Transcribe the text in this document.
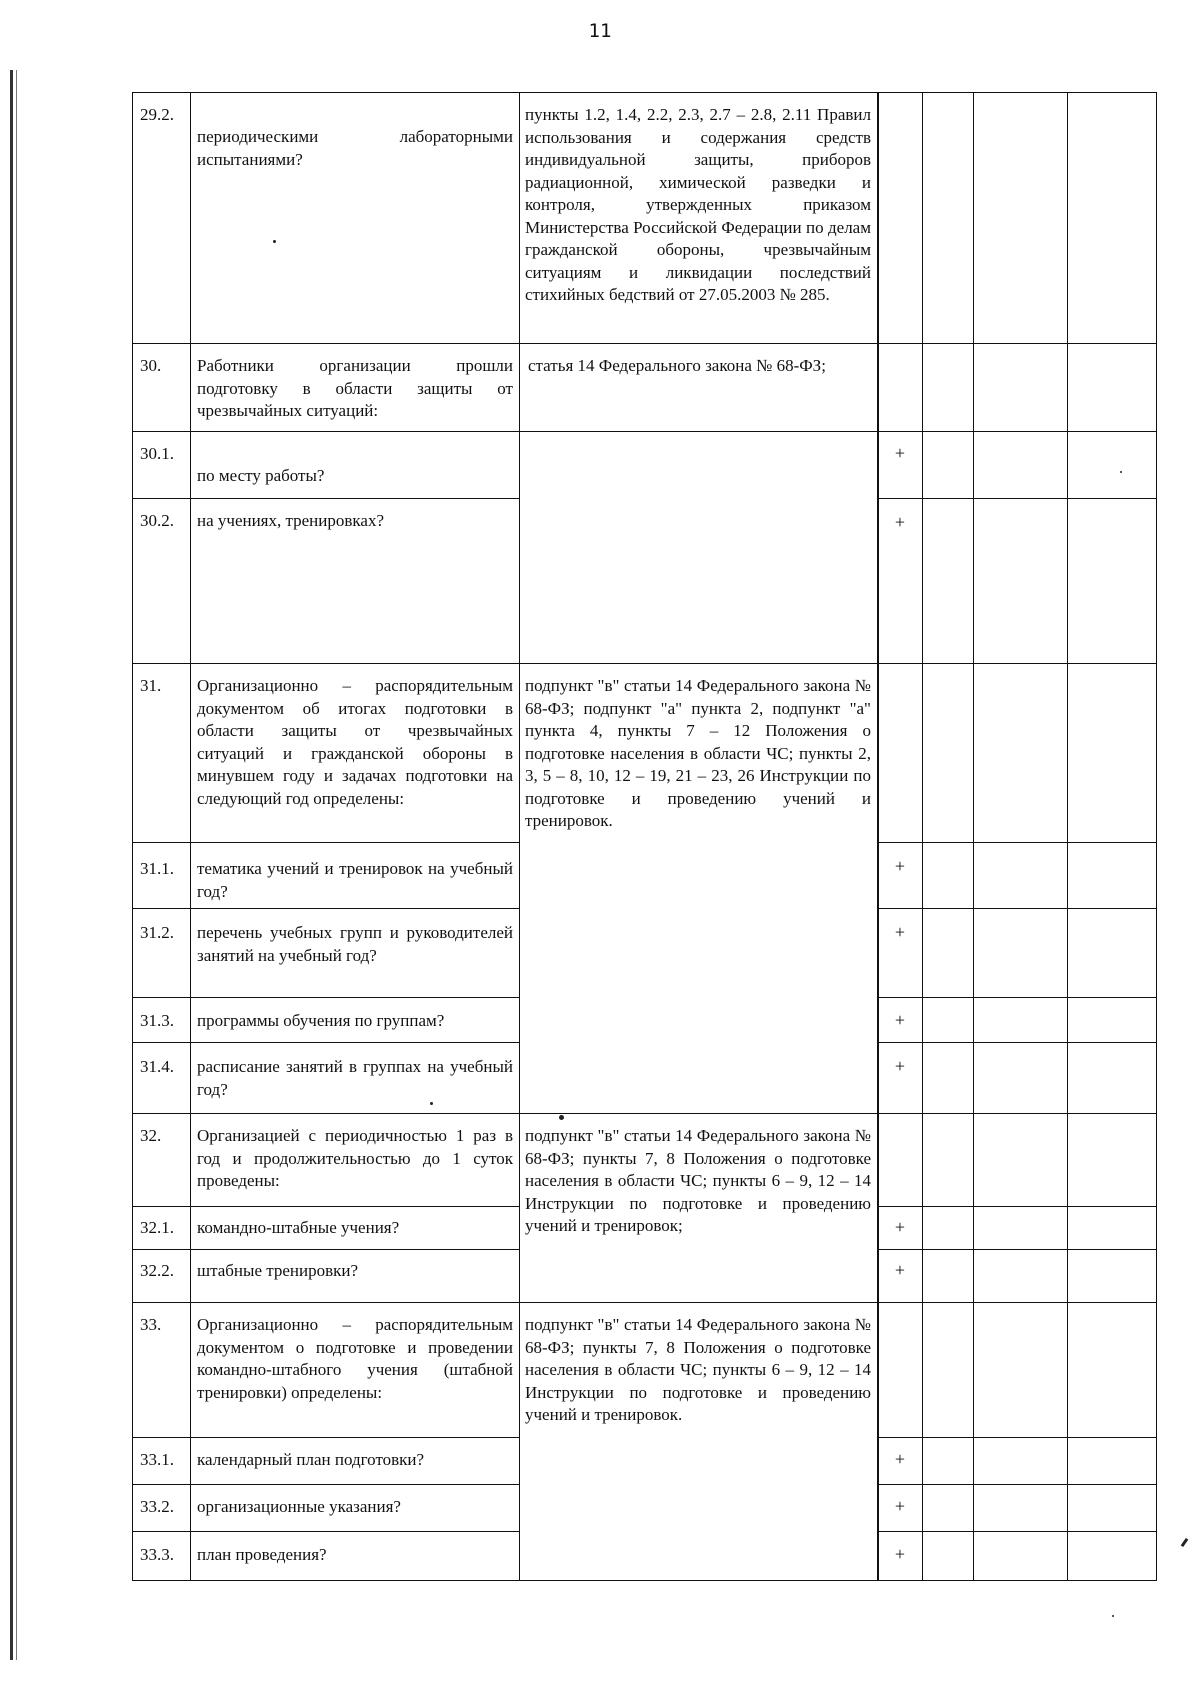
11
29.2.
30.
30.1.
30.2.
31.
31.1.
31.2.
31.3.
31.4.
32.
32.1.
32.2.
33.
33.1.
33.2.
33.3.
периодическими лабораторными испытаниями?
Работники организации прошли подготовку в области защиты от чрезвычайных ситуаций:
по месту работы?
на учениях, тренировках?
Организационно – распорядительным документом об итогах подготовки в области защиты от чрезвычайных ситуаций и гражданской обороны в минувшем году и задачах подготовки на следующий год определены:
тематика учений и тренировок на учебный год?
перечень учебных групп и руководителей занятий на учебный год?
программы обучения по группам?
расписание занятий в группах на учебный год?
Организацией с периодичностью 1 раз в год и продолжительностью до 1 суток проведены:
командно-штабные учения?
штабные тренировки?
Организационно – распорядительным документом о подготовке и проведении командно-штабного учения (штабной тренировки) определены:
календарный план подготовки?
организационные указания?
план проведения?
пункты 1.2, 1.4, 2.2, 2.3, 2.7 – 2.8, 2.11 Правил использования и содержания средств индивидуальной защиты, приборов радиационной, химической разведки и контроля, утвержденных приказом Министерства Российской Федерации по делам гражданской обороны, чрезвычайным ситуациям и ликвидации последствий стихийных бедствий от 27.05.2003 № 285.
статья 14 Федерального закона № 68-ФЗ;
подпункт "в" статьи 14 Федерального закона № 68-ФЗ; подпункт "а" пункта 2, подпункт "а" пункта 4, пункты 7 – 12 Положения о подготовке населения в области ЧС; пункты 2, 3, 5 – 8, 10, 12 – 19, 21 – 23, 26 Инструкции по подготовке и проведению учений и тренировок.
подпункт "в" статьи 14 Федерального закона № 68-ФЗ; пункты 7, 8 Положения о подготовке населения в области ЧС; пункты 6 – 9, 12 – 14 Инструкции по подготовке и проведению учений и тренировок;
подпункт "в" статьи 14 Федерального закона № 68-ФЗ; пункты 7, 8 Положения о подготовке населения в области ЧС; пункты 6 – 9, 12 – 14 Инструкции по подготовке и проведению учений и тренировок.
+
+
+
+
+
+
+
+
+
+
+
